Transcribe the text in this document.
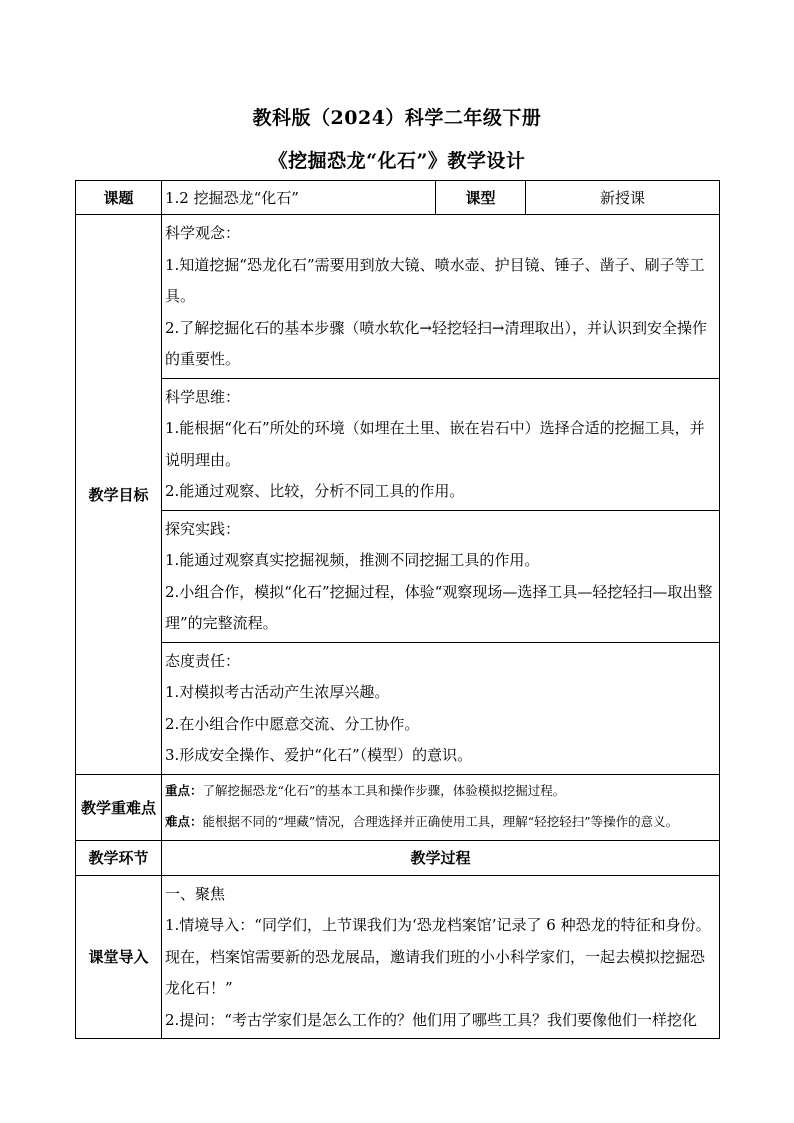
教科版（2024）科学二年级下册
《挖掘恐龙“化石”》教学设计
课题	1.2 挖掘恐龙“化石”	课型	新授课
教学目标	科学观念：

1.知道挖掘“恐龙化石”需要用到放大镜、喷水壶、护目镜、锤子、凿子、刷子等工具。

2.了解挖掘化石的基本步骤（喷水软化→轻挖轻扫→清理取出），并认识到安全操作的重要性。		

	科学思维：

1.能根据“化石”所处的环境（如埋在土里、嵌在岩石中）选择合适的挖掘工具，并说明理由。

2.能通过观察、比较，分析不同工具的作用。		

	探究实践：

1.能通过观察真实挖掘视频，推测不同挖掘工具的作用。

2.小组合作，模拟“化石”挖掘过程，体验“观察现场—选择工具—轻挖轻扫—取出整理”的完整流程。		

	态度责任：

1.对模拟考古活动产生浓厚兴趣。

2.在小组合作中愿意交流、分工协作。

3.形成安全操作、爱护“化石”（模型）的意识。		

教学重难点	重点：了解挖掘恐龙“化石”的基本工具和操作步骤，体验模拟挖掘过程。
难点：能根据不同的“埋藏”情况，合理选择并正确使用工具，理解“轻挖轻扫”等操作的意义。		

教学环节	教学过程		
课堂导入	一、聚焦

1.情境导入：“同学们，上节课我们为‘恐龙档案馆’记录了 6 种恐龙的特征和身份。现在，档案馆需要新的恐龙展品，邀请我们班的小小科学家们，一起去模拟挖掘恐龙化石！”

2.提问：“考古学家们是怎么工作的？他们用了哪些工具？我们要像他们一样挖化		
